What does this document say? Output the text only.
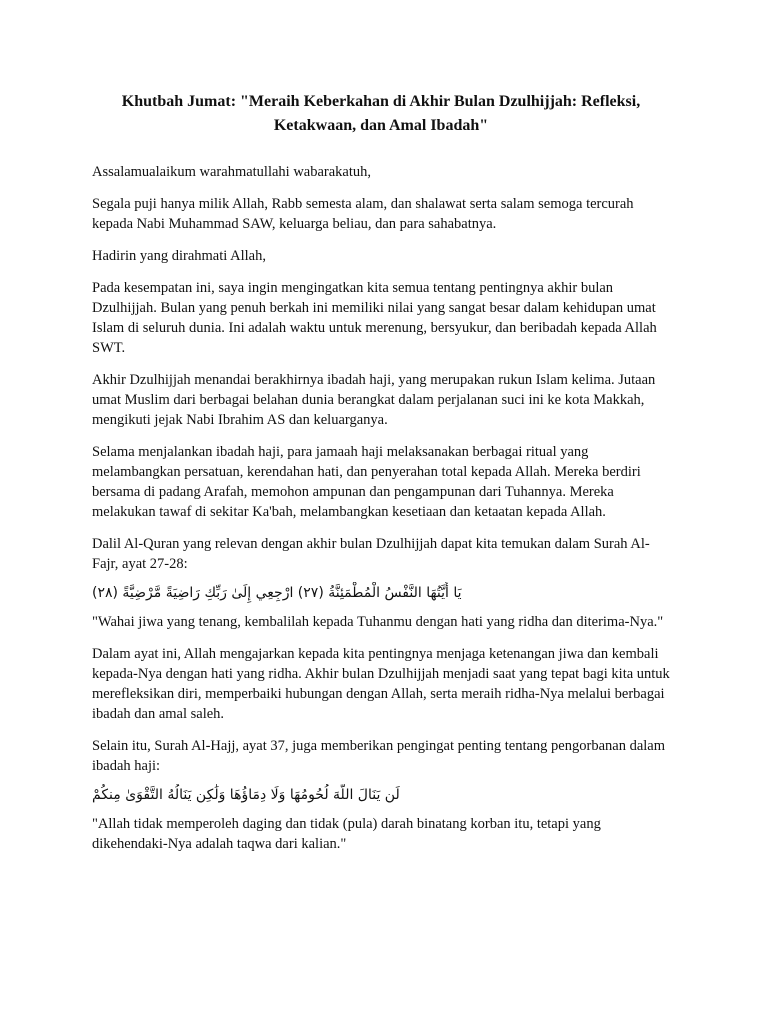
Khutbah Jumat: "Meraih Keberkahan di Akhir Bulan Dzulhijjah: Refleksi, Ketakwaan, dan Amal Ibadah"

Assalamualaikum warahmatullahi wabarakatuh,

Segala puji hanya milik Allah, Rabb semesta alam, dan shalawat serta salam semoga tercurah kepada Nabi Muhammad SAW, keluarga beliau, dan para sahabatnya.

Hadirin yang dirahmati Allah,

Pada kesempatan ini, saya ingin mengingatkan kita semua tentang pentingnya akhir bulan Dzulhijjah. Bulan yang penuh berkah ini memiliki nilai yang sangat besar dalam kehidupan umat Islam di seluruh dunia. Ini adalah waktu untuk merenung, bersyukur, dan beribadah kepada Allah SWT.

Akhir Dzulhijjah menandai berakhirnya ibadah haji, yang merupakan rukun Islam kelima. Jutaan umat Muslim dari berbagai belahan dunia berangkat dalam perjalanan suci ini ke kota Makkah, mengikuti jejak Nabi Ibrahim AS dan keluarganya.

Selama menjalankan ibadah haji, para jamaah haji melaksanakan berbagai ritual yang melambangkan persatuan, kerendahan hati, dan penyerahan total kepada Allah. Mereka berdiri bersama di padang Arafah, memohon ampunan dan pengampunan dari Tuhannya. Mereka melakukan tawaf di sekitar Ka'bah, melambangkan kesetiaan dan ketaatan kepada Allah.

Dalil Al-Quran yang relevan dengan akhir bulan Dzulhijjah dapat kita temukan dalam Surah Al-Fajr, ayat 27-28:

يَا أَيَّتُهَا النَّفْسُ الْمُطْمَئِنَّةُ (٢٧) ارْجِعِي إِلَىٰ رَبِّكِ رَاضِيَةً مَّرْضِيَّةً (٢٨)

"Wahai jiwa yang tenang, kembalilah kepada Tuhanmu dengan hati yang ridha dan diterima-Nya."

Dalam ayat ini, Allah mengajarkan kepada kita pentingnya menjaga ketenangan jiwa dan kembali kepada-Nya dengan hati yang ridha. Akhir bulan Dzulhijjah menjadi saat yang tepat bagi kita untuk merefleksikan diri, memperbaiki hubungan dengan Allah, serta meraih ridha-Nya melalui berbagai ibadah dan amal saleh.

Selain itu, Surah Al-Hajj, ayat 37, juga memberikan pengingat penting tentang pengorbanan dalam ibadah haji:

لَن يَنَالَ اللَّهَ لُحُومُهَا وَلَا دِمَاؤُهَا وَلَٰكِن يَنَالُهُ التَّقْوَىٰ مِنكُمْ

"Allah tidak memperoleh daging dan tidak (pula) darah binatang korban itu, tetapi yang dikehendaki-Nya adalah taqwa dari kalian."
